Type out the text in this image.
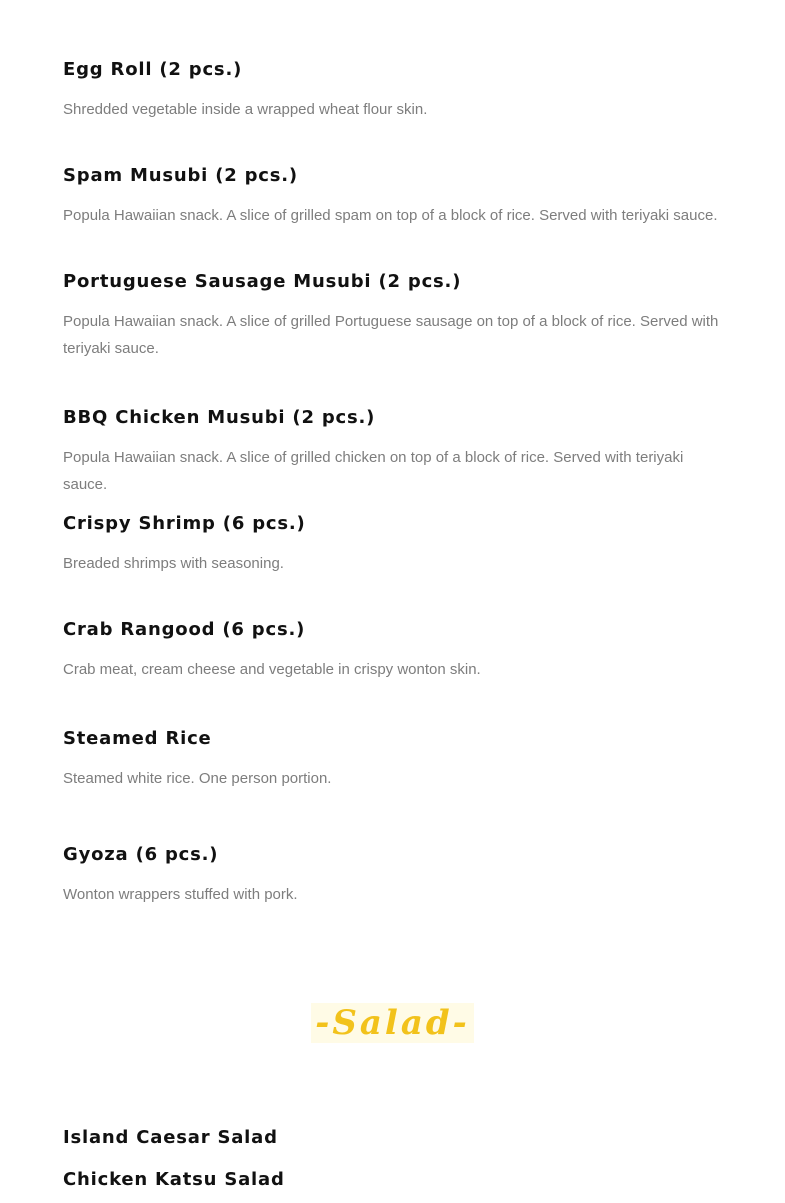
Egg Roll (2 pcs.)

Shredded vegetable inside a wrapped wheat flour skin.

Spam Musubi (2 pcs.)

Popula Hawaiian snack. A slice of grilled spam on top of a block of rice. Served with teriyaki sauce.

Portuguese Sausage Musubi (2 pcs.)

Popula Hawaiian snack. A slice of grilled Portuguese sausage on top of a block of rice. Served with teriyaki sauce.

BBQ Chicken Musubi (2 pcs.)

Popula Hawaiian snack. A slice of grilled chicken on top of a block of rice. Served with teriyaki sauce.

Crispy Shrimp (6 pcs.)

Breaded shrimps with seasoning.

Crab Rangood (6 pcs.)

Crab meat, cream cheese and vegetable in crispy wonton skin.

Steamed Rice

Steamed white rice. One person portion.

Gyoza (6 pcs.)

Wonton wrappers stuffed with pork.

-Salad-
Island Caesar Salad
Chicken Katsu Salad
